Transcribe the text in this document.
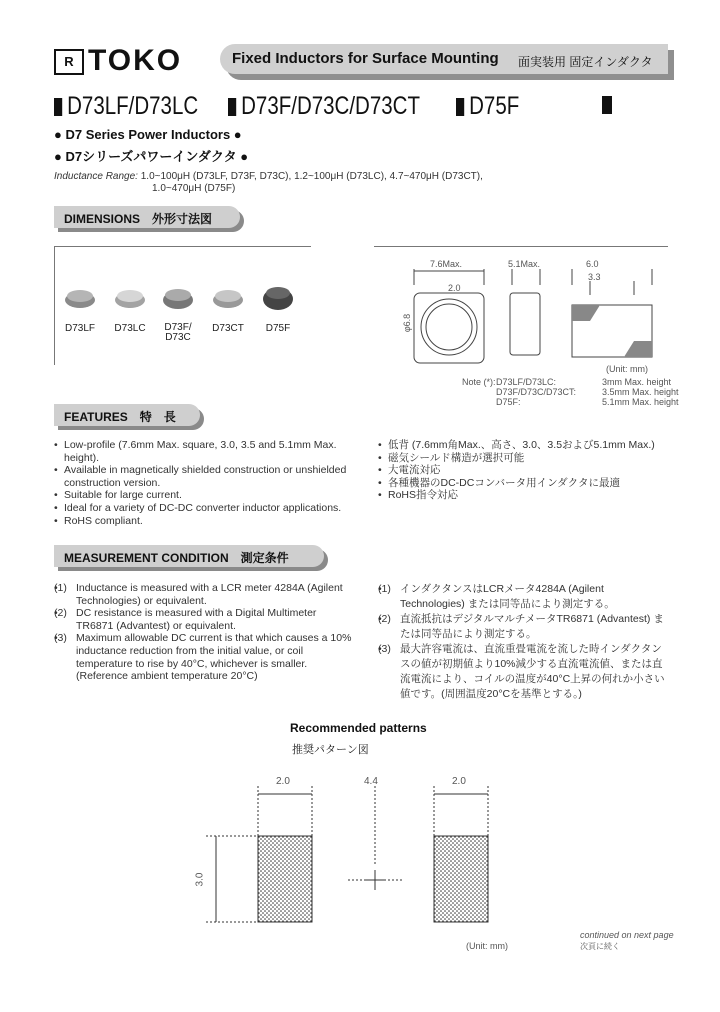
R TOKO	Fixed Inductors for Surface Mounting 面実装用 固定インダクタ
D73LF/D73LC	D73F/D73C/D73CT	D75F
● D7 Series Power Inductors ●
● D7シリーズパワーインダクタ ●
Inductance Range: 1.0~100μH (D73LF, D73F, D73C), 1.2~100μH (D73LC), 4.7~470μH (D73CT),
1.0~470μH (D75F)
DIMENSIONS　外形寸法図
D73LF	D73LC	D73F/
D73C
D73CT	D75F
7.6Max.	5.1Max.	6.0
3.3
2.0
φ6.8
(Unit: mm)
Note (*): D73LF/D73LC:	3mm Max. height
D73F/D73C/D73CT:	3.5mm Max. height
D75F:	5.1mm Max. height
FEATURES　特　長
• Low-profile (7.6mm Max. square, 3.0, 3.5 and 5.1mm Max. height).
• Available in magnetically shielded construction or unshielded construction version.
• Suitable for large current.
• Ideal for a variety of DC-DC converter inductor applications.
• RoHS compliant.
• 低背 (7.6mm角Max.、高さ、3.0、3.5および5.1mm Max.)
• 磁気シールド構造が選択可能
• 大電流対応
• 各種機器のDC-DCコンバータ用インダクタに最適
• RoHS指令対応
MEASUREMENT CONDITION　測定条件
• (1) Inductance is measured with a LCR meter 4284A (Agilent Technologies) or equivalent.
• (2) DC resistance is measured with a Digital Multimeter TR6871 (Advantest) or equivalent.
• (3) Maximum allowable DC current is that which causes a 10% inductance reduction from the initial value, or coil temperature to rise by 40°C, whichever is smaller. (Reference ambient temperature 20°C)
• (1) インダクタンスはLCRメータ4284A (Agilent Technologies) または同等品により測定する。
• (2) 直流抵抗はデジタルマルチメータTR6871 (Advantest) または同等品により測定する。
• (3) 最大許容電流は、直流重畳電流を流した時インダクタンスの値が初期値より10%減少する直流電流値、または直流電流により、コイルの温度が40°C上昇の何れか小さい値です。(周囲温度20°Cを基準とする。)
Recommended patterns
推奨パターン図
2.0	4.4	2.0
3.0
(Unit: mm)
continued on next page
次頁に続く
